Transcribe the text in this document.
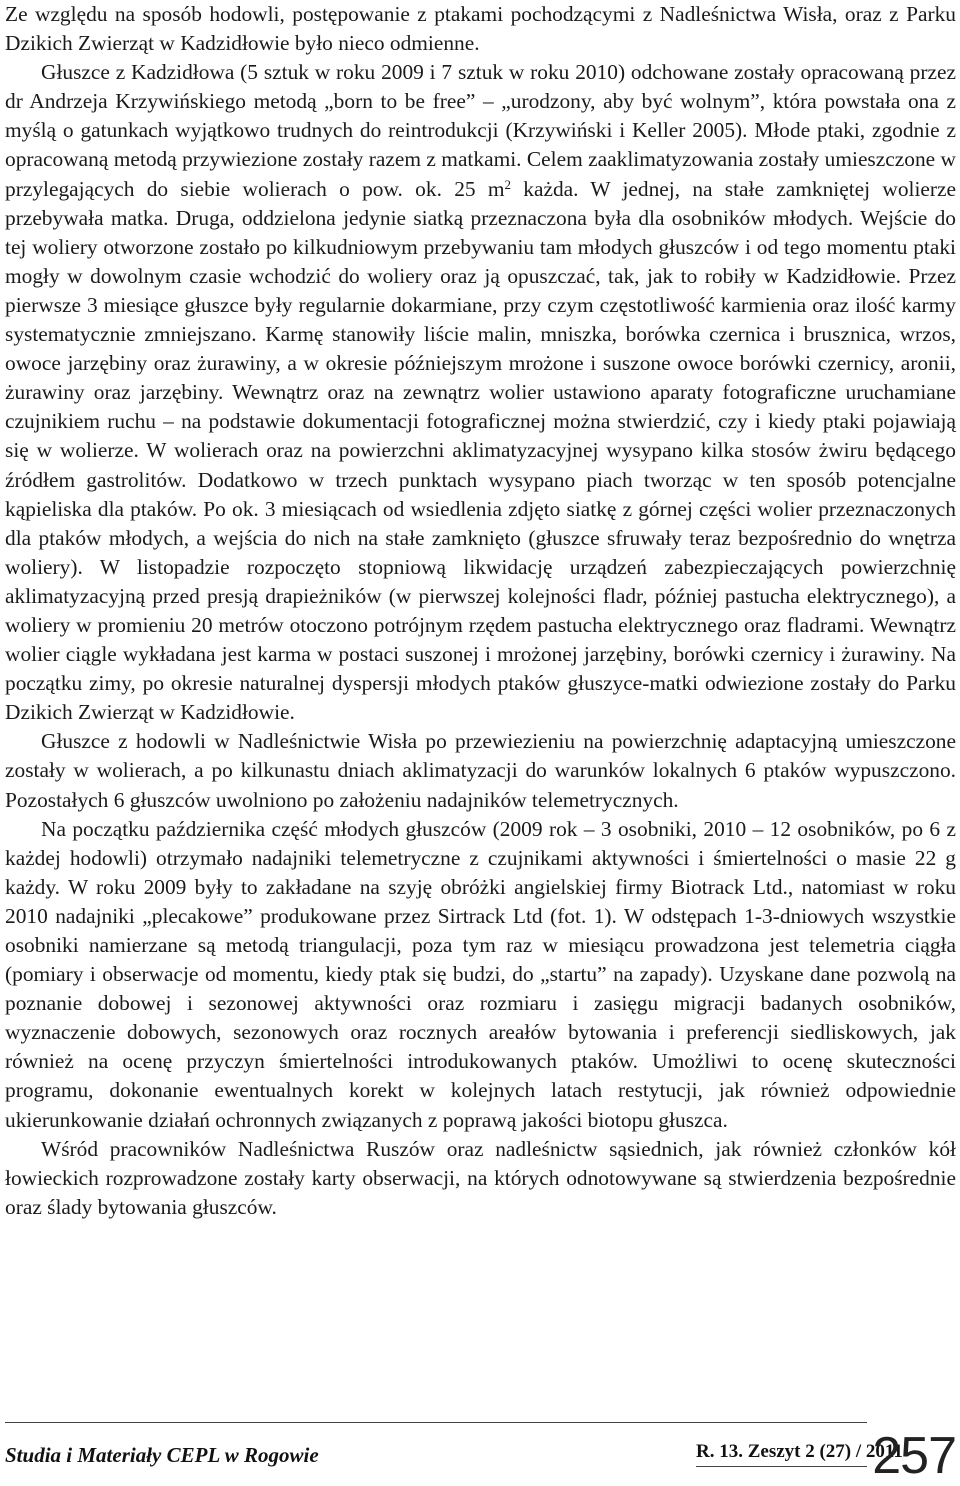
Ze względu na sposób hodowli, postępowanie z ptakami pochodzącymi z Nadleśnictwa Wisła, oraz z Parku Dzikich Zwierząt w Kadzidłowie było nieco odmienne.

Głuszce z Kadzidłowa (5 sztuk w roku 2009 i 7 sztuk w roku 2010) odchowane zostały opracowaną przez dr Andrzeja Krzywińskiego metodą „born to be free” – „urodzony, aby być wolnym”, która powstała ona z myślą o gatunkach wyjątkowo trudnych do reintrodukcji (Krzywiński i Keller 2005). Młode ptaki, zgodnie z opracowaną metodą przywiezione zostały razem z matkami. Celem zaaklimatyzowania zostały umieszczone w przylegających do siebie wolierach o pow. ok. 25 $m^2$ każda. W jednej, na stałe zamkniętej wolierze przebywała matka. Druga, oddzielona jedynie siatką przeznaczona była dla osobników młodych. Wejście do tej woliery otworzone zostało po kilkudniowym przebywaniu tam młodych głuszców i od tego momentu ptaki mogły w dowolnym czasie wchodzić do woliery oraz ją opuszczać, tak, jak to robiły w Kadzidłowie. Przez pierwsze 3 miesiące głuszce były regularnie dokarmiane, przy czym częstotliwość karmienia oraz ilość karmy systematycznie zmniejszano. Karmę stanowiły liście malin, mniszka, borówka czernica i brusznica, wrzos, owoce jarzębiny oraz żurawiny, a w okresie późniejszym mrożone i suszone owoce borówki czernicy, aronii, żurawiny oraz jarzębiny. Wewnątrz oraz na zewnątrz wolier ustawiono aparaty fotograficzne uruchamiane czujnikiem ruchu – na podstawie dokumentacji fotograficznej można stwierdzić, czy i kiedy ptaki pojawiają się w wolierze. W wolierach oraz na powierzchni aklimatyzacyjnej wysypano kilka stosów żwiru będącego źródłem gastrolitów. Dodatkowo w trzech punktach wysypano piach tworząc w ten sposób potencjalne kąpieliska dla ptaków. Po ok. 3 miesiącach od wsiedlenia zdjęto siatkę z górnej części wolier przeznaczonych dla ptaków młodych, a wejścia do nich na stałe zamknięto (głuszce sfruwały teraz bezpośrednio do wnętrza woliery). W listopadzie rozpoczęto stopniową likwidację urządzeń zabezpieczających powierzchnię aklimatyzacyjną przed presją drapieżników (w pierwszej kolejności fladr, później pastucha elektrycznego), a woliery w promieniu 20 metrów otoczono potrójnym rzędem pastucha elektrycznego oraz fladrami. Wewnątrz wolier ciągle wykładana jest karma w postaci suszonej i mrożonej jarzębiny, borówki czernicy i żurawiny. Na początku zimy, po okresie naturalnej dyspersji młodych ptaków głuszyce-matki odwiezione zostały do Parku Dzikich Zwierząt w Kadzidłowie.

Głuszce z hodowli w Nadleśnictwie Wisła po przewiezieniu na powierzchnię adaptacyjną umieszczone zostały w wolierach, a po kilkunastu dniach aklimatyzacji do warunków lokalnych 6 ptaków wypuszczono. Pozostałych 6 głuszców uwolniono po założeniu nadajników telemetrycznych.

Na początku października część młodych głuszców (2009 rok – 3 osobniki, 2010 – 12 osobników, po 6 z każdej hodowli) otrzymało nadajniki telemetryczne z czujnikami aktywności i śmiertelności o masie 22 g każdy. W roku 2009 były to zakładane na szyję obróżki angielskiej firmy Biotrack Ltd., natomiast w roku 2010 nadajniki „plecakowe” produkowane przez Sirtrack Ltd (fot. 1). W odstępach 1-3-dniowych wszystkie osobniki namierzane są metodą triangulacji, poza tym raz w miesiącu prowadzona jest telemetria ciągła (pomiary i obserwacje od momentu, kiedy ptak się budzi, do „startu” na zapady). Uzyskane dane pozwolą na poznanie dobowej i sezonowej aktywności oraz rozmiaru i zasięgu migracji badanych osobników, wyznaczenie dobowych, sezonowych oraz rocznych areałów bytowania i preferencji siedliskowych, jak również na ocenę przyczyn śmiertelności introdukowanych ptaków. Umożliwi to ocenę skuteczności programu, dokonanie ewentualnych korekt w kolejnych latach restytucji, jak również odpowiednie ukierunkowanie działań ochronnych związanych z poprawą jakości biotopu głuszca.

Wśród pracowników Nadleśnictwa Ruszów oraz nadleśnictw sąsiednich, jak również członków kół łowieckich rozprowadzone zostały karty obserwacji, na których odnotowywane są stwierdzenia bezpośrednie oraz ślady bytowania głuszców.

Studia i Materiały CEPL w Rogowie	R. 13. Zeszyt 2 (27) / 2011
257
